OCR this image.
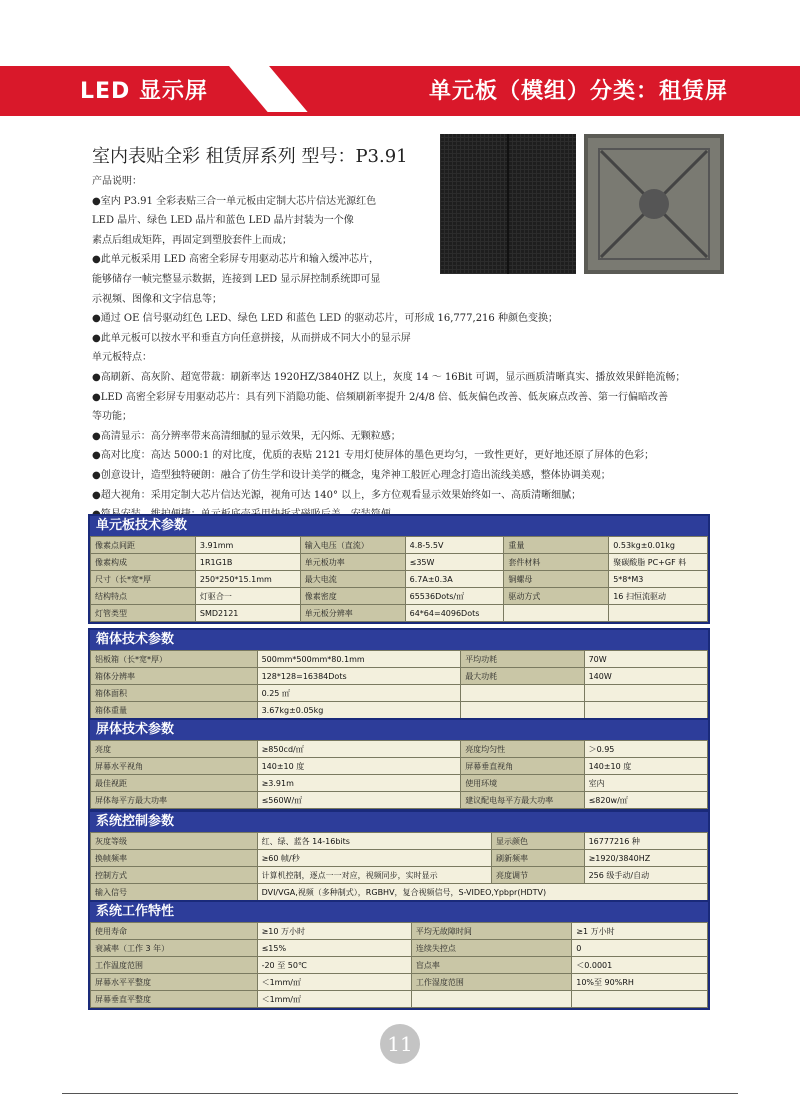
LED 显示屏	单元板（模组）分类：租赁屏
室内表贴全彩 租赁屏系列 型号：P3.91

产品说明：

●室内 P3.91 全彩表贴三合一单元板由定制大芯片信达光源红色

LED 晶片、绿色 LED 晶片和蓝色 LED 晶片封装为一个像

素点后组成矩阵，再固定到塑胶套件上而成；

●此单元板采用 LED 高密全彩屏专用驱动芯片和输入缓冲芯片，

能够储存一帧完整显示数据，连接到 LED 显示屏控制系统即可显

示视频、图像和文字信息等；

●通过 OE 信号驱动红色 LED、绿色 LED 和蓝色 LED 的驱动芯片，可形成 16,777,216 种颜色变换；

●此单元板可以按水平和垂直方向任意拼接，从而拼成不同大小的显示屏

单元板特点：

●高刷新、高灰阶、超宽带裁：刷新率达 1920HZ/3840HZ 以上，灰度 14 ～ 16Bit 可调，显示画质清晰真实、播放效果鲜艳流畅；

●LED 高密全彩屏专用驱动芯片：具有列下消隐功能、倍频刷新率提升 2/4/8 倍、低灰偏色改善、低灰麻点改善、第一行偏暗改善

等功能；

●高清显示：高分辨率带来高清细腻的显示效果，无闪烁、无颗粒感；

●高对比度：高达 5000:1 的对比度，优质的表贴 2121 专用灯使屏体的墨色更均匀，一致性更好，更好地还原了屏体的色彩；

●创意设计，造型独特硬朗：融合了仿生学和设计美学的概念，鬼斧神工般匠心理念打造出流线美感，整体协调美观；

●超大视角：采用定制大芯片信达光源，视角可达 140° 以上，多方位观看显示效果始终如一、高质清晰细腻；

单元板技术参数
像素点间距	3.91mm	输入电压（直流）	4.8-5.5V	重量	0.53kg±0.01kg
像素构成	1R1G1B	单元板功率	≤35W	套件材料	聚碳酸脂 PC+GF 料
尺寸（长*宽*厚	250*250*15.1mm	最大电流	6.7A±0.3A	铜螺母	5*8*M3
结构特点	灯驱合一	像素密度	65536Dots/㎡	驱动方式	16 扫恒流驱动
灯管类型	SMD2121	单元板分辨率	64*64=4096Dots		
箱体技术参数
铝板箱（长*宽*厚）	500mm*500mm*80.1mm	平均功耗	70W
箱体分辨率	128*128=16384Dots	最大功耗	140W
箱体面积	0.25 ㎡		
箱体重量	3.67kg±0.05kg		
屏体技术参数
亮度	≥850cd/㎡	亮度均匀性	＞0.95
屏幕水平视角	140±10 度	屏幕垂直视角	140±10 度
最佳视距	≥3.91m	使用环境	室内
屏体每平方最大功率	≤560W/㎡	建议配电每平方最大功率	≤820w/㎡
系统控制参数
灰度等级	红、绿、蓝各 14-16bits	显示颜色	16777216 种
换帧频率	≥60 帧/秒	刷新频率	≥1920/3840HZ
控制方式	计算机控制，逐点一一对应，视频同步，实时显示	亮度调节	256 级手动/自动
输入信号	DVI/VGA,视频（多种制式），RGBHV，复合视频信号，S-VIDEO,Ypbpr(HDTV)		
系统工作特性
使用寿命	≥10 万小时	平均无故障时间	≥1 万小时
衰减率（工作 3 年）	≤15%	连续失控点	0
工作温度范围	-20 至 50℃	盲点率	＜0.0001
屏幕水平平整度	＜1mm/㎡	工作湿度范围	10%至 90%RH
屏幕垂直平整度	＜1mm/㎡		
11
